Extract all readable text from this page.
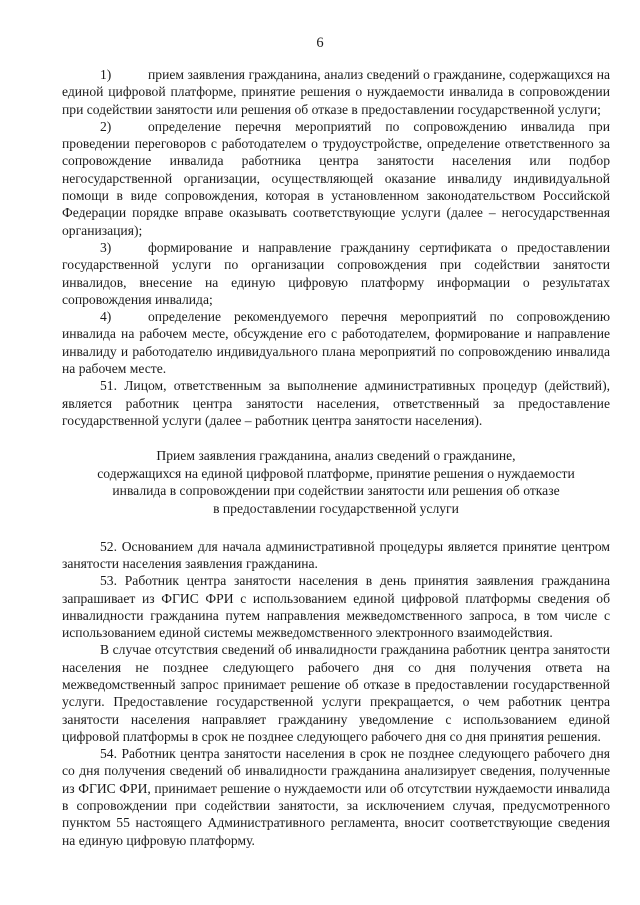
6

1)	прием заявления гражданина, анализ сведений о гражданине, содержащихся на единой цифровой платформе, принятие решения о нуждаемости инвалида в сопровождении при содействии занятости или решения об отказе в предоставлении государственной услуги;

2)	определение перечня мероприятий по сопровождению инвалида при проведении переговоров с работодателем о трудоустройстве, определение ответственного за сопровождение инвалида работника центра занятости населения или подбор негосударственной организации, осуществляющей оказание инвалиду индивидуальной помощи в виде сопровождения, которая в установленном законодательством Российской Федерации порядке вправе оказывать соответствующие услуги (далее – негосударственная организация);

3)	формирование и направление гражданину сертификата о предоставлении государственной услуги по организации сопровождения при содействии занятости инвалидов, внесение на единую цифровую платформу информации о результатах сопровождения инвалида;

4)	определение рекомендуемого перечня мероприятий по сопровождению инвалида на рабочем месте, обсуждение его с работодателем, формирование и направление инвалиду и работодателю индивидуального плана мероприятий по сопровождению инвалида на рабочем месте.

51. Лицом, ответственным за выполнение административных процедур (действий), является работник центра занятости населения, ответственный за предоставление государственной услуги (далее – работник центра занятости населения).

Прием заявления гражданина, анализ сведений о гражданине,
содержащихся на единой цифровой платформе, принятие решения о нуждаемости
инвалида в сопровождении при содействии занятости или решения об отказе
в предоставлении государственной услуги

52. Основанием для начала административной процедуры является принятие центром занятости населения заявления гражданина.

53. Работник центра занятости населения в день принятия заявления гражданина запрашивает из ФГИС ФРИ с использованием единой цифровой платформы сведения об инвалидности гражданина путем направления межведомственного запроса, в том числе с использованием единой системы межведомственного электронного взаимодействия.

В случае отсутствия сведений об инвалидности гражданина работник центра занятости населения не позднее следующего рабочего дня со дня получения ответа на межведомственный запрос принимает решение об отказе в предоставлении государственной услуги. Предоставление государственной услуги прекращается, о чем работник центра занятости населения направляет гражданину уведомление с использованием единой цифровой платформы в срок не позднее следующего рабочего дня со дня принятия решения.

54. Работник центра занятости населения в срок не позднее следующего рабочего дня со дня получения сведений об инвалидности гражданина анализирует сведения, полученные из ФГИС ФРИ, принимает решение о нуждаемости или об отсутствии нуждаемости инвалида в сопровождении при содействии занятости, за исключением случая, предусмотренного пунктом 55 настоящего Административного регламента, вносит соответствующие сведения на единую цифровую платформу.
